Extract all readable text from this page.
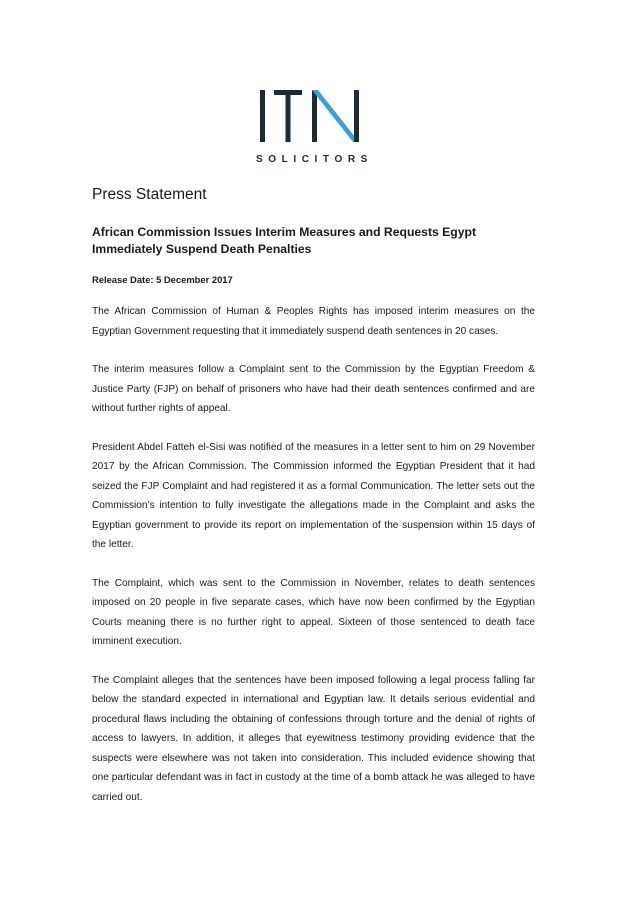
SOLICITORS
Press Statement
African Commission Issues Interim Measures and Requests Egypt Immediately Suspend Death Penalties
Release Date: 5 December 2017

The African Commission of Human & Peoples Rights has imposed interim measures on the Egyptian Government requesting that it immediately suspend death sentences in 20 cases.

The interim measures follow a Complaint sent to the Commission by the Egyptian Freedom & Justice Party (FJP) on behalf of prisoners who have had their death sentences confirmed and are without further rights of appeal.

President Abdel Fatteh el-Sisi was notified of the measures in a letter sent to him on 29 November 2017 by the African Commission. The Commission informed the Egyptian President that it had seized the FJP Complaint and had registered it as a formal Communication. The letter sets out the Commission’s intention to fully investigate the allegations made in the Complaint and asks the Egyptian government to provide its report on implementation of the suspension within 15 days of the letter.

The Complaint, which was sent to the Commission in November, relates to death sentences imposed on 20 people in five separate cases, which have now been confirmed by the Egyptian Courts meaning there is no further right to appeal. Sixteen of those sentenced to death face imminent execution.

The Complaint alleges that the sentences have been imposed following a legal process falling far below the standard expected in international and Egyptian law. It details serious evidential and procedural flaws including the obtaining of confessions through torture and the denial of rights of access to lawyers. In addition, it alleges that eyewitness testimony providing evidence that the suspects were elsewhere was not taken into consideration. This included evidence showing that one particular defendant was in fact in custody at the time of a bomb attack he was alleged to have carried out.
